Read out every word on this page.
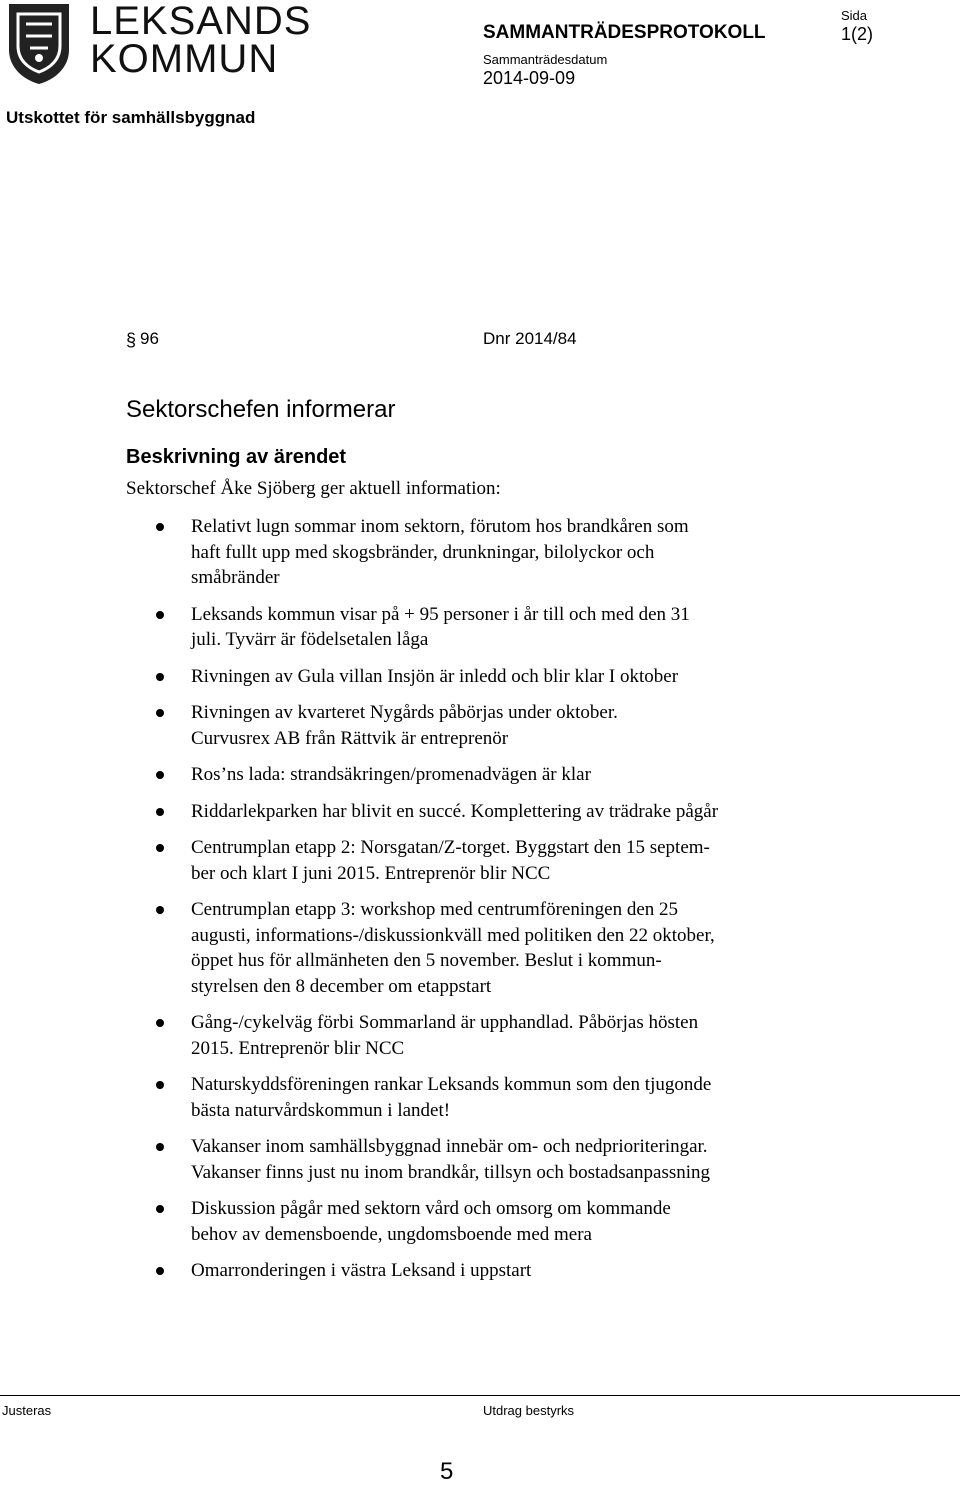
LEKSANDS
KOMMUN
SAMMANTRÄDESPROTOKOLL
Sammanträdesdatum
2014-09-09
Sida
1(2)
Utskottet för samhällsbyggnad
§ 96	Dnr 2014/84
Sektorschefen informerar
Beskrivning av ärendet
Sektorschef Åke Sjöberg ger aktuell information:
Relativt lugn sommar inom sektorn, förutom hos brandkåren som
haft fullt upp med skogsbränder, drunkningar, bilolyckor och
småbränder
Leksands kommun visar på + 95 personer i år till och med den 31
juli. Tyvärr är födelsetalen låga
Rivningen av Gula villan Insjön är inledd och blir klar I oktober
Rivningen av kvarteret Nygårds påbörjas under oktober.
Curvusrex AB från Rättvik är entreprenör
Ros’ns lada: strandsäkringen/promenadvägen är klar
Riddarlekparken har blivit en succé. Komplettering av trädrake pågår
Centrumplan etapp 2: Norsgatan/Z-torget. Byggstart den 15 septem-
ber och klart I juni 2015. Entreprenör blir NCC
Centrumplan etapp 3: workshop med centrumföreningen den 25
augusti, informations-/diskussionkväll med politiken den 22 oktober,
öppet hus för allmänheten den 5 november. Beslut i kommun-
styrelsen den 8 december om etappstart
Gång-/cykelväg förbi Sommarland är upphandlad. Påbörjas hösten
2015. Entreprenör blir NCC
Naturskyddsföreningen rankar Leksands kommun som den tjugonde
bästa naturvårdskommun i landet!
Vakanser inom samhällsbyggnad innebär om- och nedprioriteringar.
Vakanser finns just nu inom brandkår, tillsyn och bostadsanpassning
Diskussion pågår med sektorn vård och omsorg om kommande
behov av demensboende, ungdomsboende med mera
Omarronderingen i västra Leksand i uppstart
Justeras	Utdrag bestyrks
5
